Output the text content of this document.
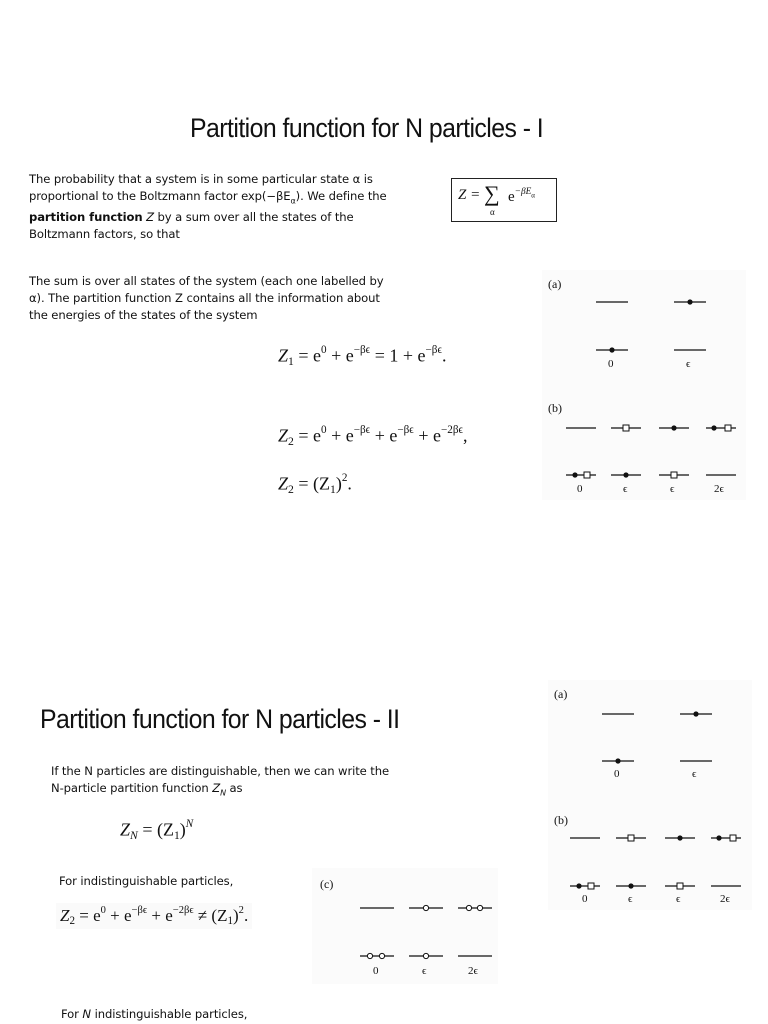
Partition function for N particles - I
The probability that a system is in some particular state α is proportional to the Boltzmann factor $\exp(-\beta E_\alpha)$. We define the partition function Z by a sum over all the states of the Boltzmann factors, so that
Z = ∑
α
$e^{-\beta E}_\alpha$
The sum is over all states of the system (each one labelled by α). The partition function Z contains all the information about the energies of the states of the system
$Z_1 = e^0 + e^{-\beta\epsilon} = 1 + e^{-\beta\epsilon}$.
$Z_2 = e^0 + e^{-\beta\epsilon} + e^{-\beta\epsilon} + e^{-2\beta\epsilon}$,
$Z_2 = (Z_1)^2$.
(a)
0	ϵ
(b)
0	ϵ	ϵ	2ϵ
Partition function for N particles - II
If the N particles are distinguishable, then we can write the N-particle partition function $Z_N$ as
$Z_N = (Z_1)^N$
For indistinguishable particles,
$Z_2 = e^0 + e^{-\beta\epsilon} + e^{-2\beta\epsilon} \ne (Z_1)^2$.
For N indistinguishable particles,
(a)
0	ϵ
(b)
0	ϵ	ϵ	2ϵ
(c)
0	ϵ	2ϵ
